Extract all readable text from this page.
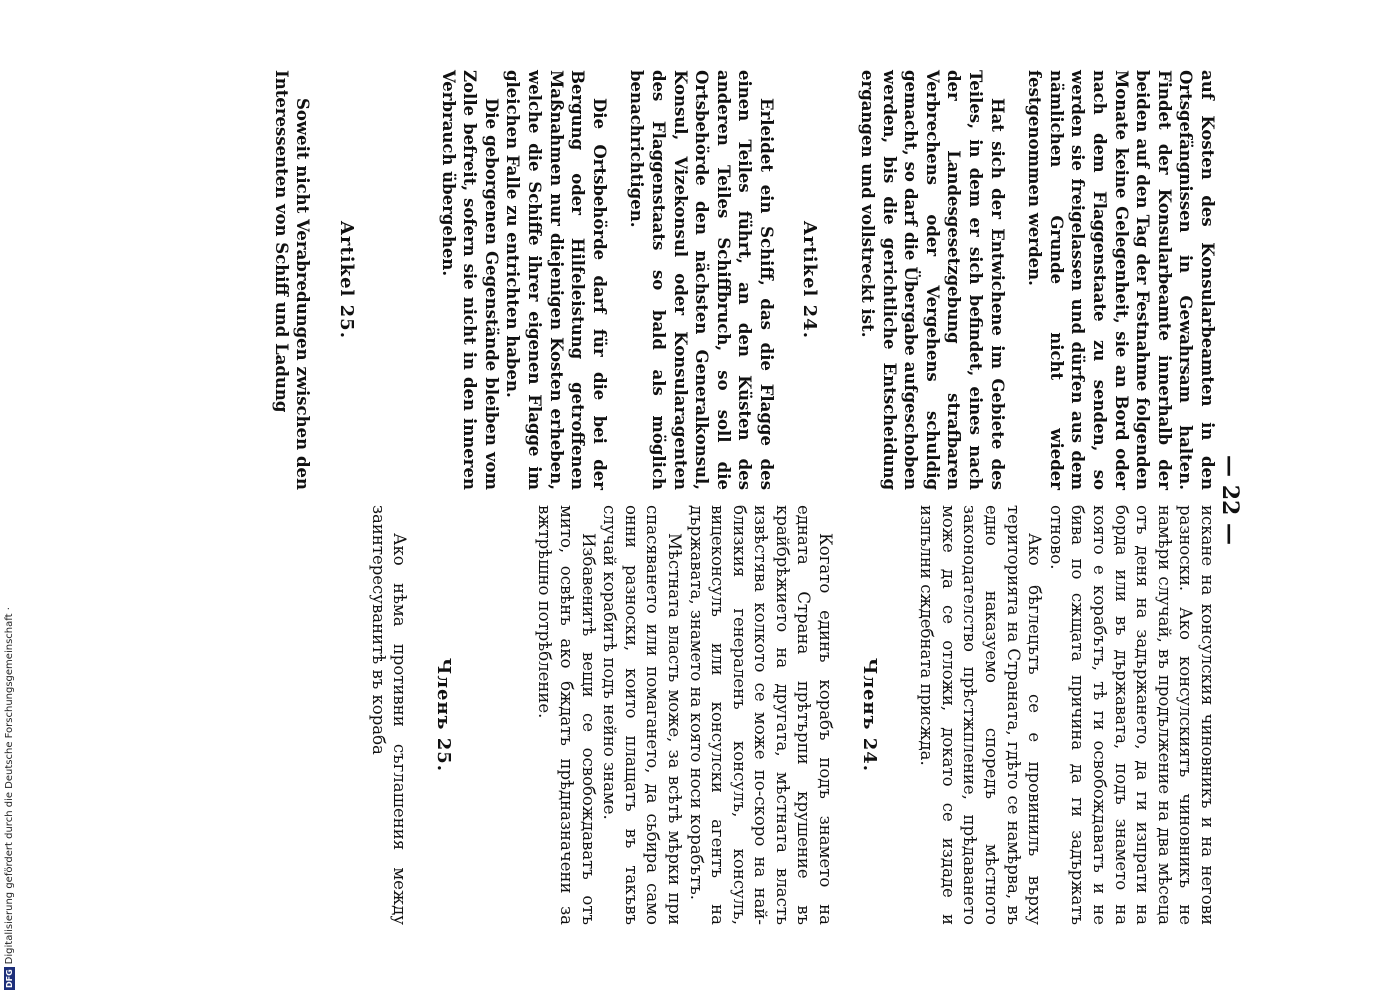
— 22 —

auf Kosten des Konsularbeamten in den Ortsgefängnissen in Gewahrsam halten. Findet der Konsularbeamte innerhalb der beiden auf den Tag der Festnahme folgenden Monate keine Gelegenheit, sie an Bord oder nach dem Flaggenstaate zu senden, so werden sie freigelassen und dürfen aus dem nämlichen Grunde nicht wieder festgenommen werden.

Hat sich der Entwichene im Gebiete des Teiles, in dem er sich befindet, eines nach der Landesgesetzgebung strafbaren Verbrechens oder Vergehens schuldig gemacht, so darf die Übergabe aufgeschoben werden, bis die gerichtliche Entscheidung ergangen und vollstreckt ist.

Artikel 24.

Erleidet ein Schiff, das die Flagge des einen Teiles führt, an den Küsten des anderen Teiles Schiffbruch, so soll die Ortsbehörde den nächsten Generalkonsul, Konsul, Vizekonsul oder Konsularagenten des Flaggenstaats so bald als möglich benachrichtigen.

Die Ortsbehörde darf für die bei der Bergung oder Hilfeleistung getroffenen Maßnahmen nur diejenigen Kosten erheben, welche die Schiffe ihrer eigenen Flagge im gleichen Falle zu entrichten haben.

Die geborgenen Gegenstände bleiben vom Zolle befreit, sofern sie nicht in den inneren Verbrauch übergehen.

Artikel 25.

Soweit nicht Verabredungen zwischen den Interessenten von Schiff und Ladung

искане на консулския чиновникъ и на негови разноски. Ако консулскиятъ чиновникъ не намѣри случай, въ продължение на два мѣсеца отъ деня на задържането, да ги изпрати на борда или въ държавата, подъ знамето на която е корабътъ, тѣ ги освобождаватъ и не бива по сжщата причина да ги задържатъ отново.

Ако бѣглецътъ се е провинилъ върху територията на Страната, гдѣто се намѣрва, въ едно наказуемо споредъ мѣстното законодателство прѣстжпление, прѣдаването можe да се отложи, докато се издаде и изпълни сждебната присжда.

Членъ 24.

Когато единъ корабъ подъ знамето на едната Страна прѣтърпи крушение въ крайбрѣжието на другата, мѣстната власть извѣстява колкото се може по-скоро на най-близкия генераленъ консулъ, консулъ, вицеконсулъ или консулски агентъ на държавата, знамето на която носи корабътъ.

Мѣстната власть може, за всѣтѣ мѣрки при спасяването или помагането, да сьбира само онни разноски, които плащатъ въ такъвъ случай корабитѣ подъ нейно знаме.

Избавенитѣ вещи се освобождаватъ отъ мито, освѣнъ ако бждатъ прѣдназначени за вжтрѣшно потрѣбление.

Членъ 25.

Ако нѣма противни съглашения между заинтересуванитѣ въ кораба

DFGDigitalisierung gefördert durch die Deutsche Forschungsgemeinschaft ·
